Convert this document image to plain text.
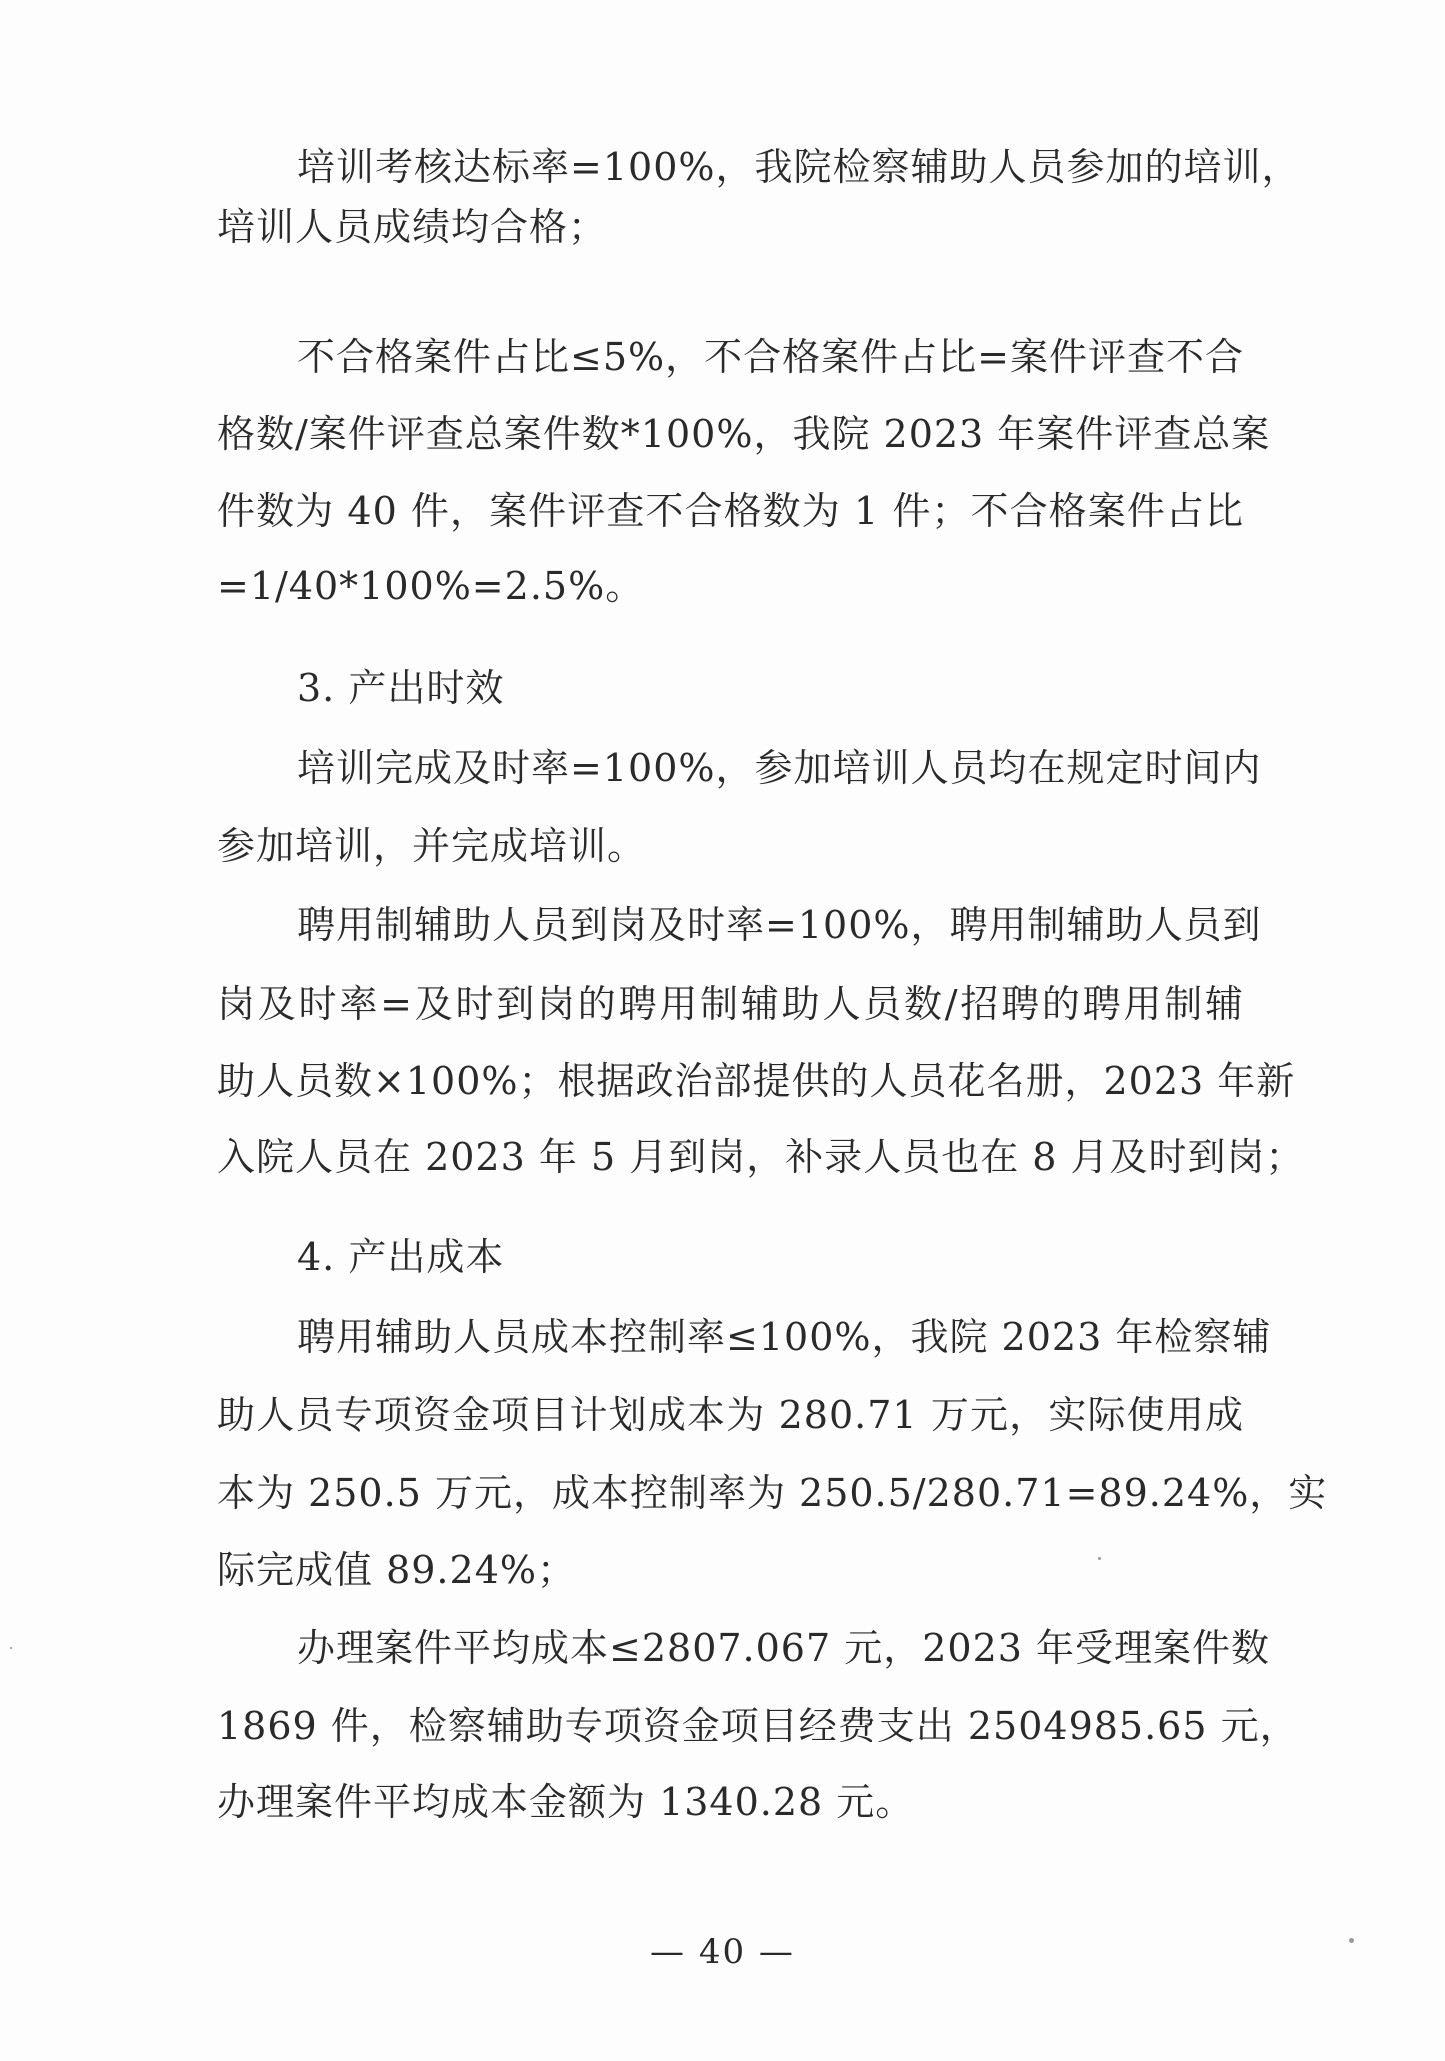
培训考核达标率=100%，我院检察辅助人员参加的培训，
培训人员成绩均合格；
不合格案件占比≤5%，不合格案件占比=案件评查不合
格数/案件评查总案件数*100%，我院 2023 年案件评查总案
件数为 40 件，案件评查不合格数为 1 件；不合格案件占比
=1/40*100%=2.5%。
3. 产出时效
培训完成及时率=100%，参加培训人员均在规定时间内
参加培训，并完成培训。
聘用制辅助人员到岗及时率=100%，聘用制辅助人员到
岗及时率=及时到岗的聘用制辅助人员数/招聘的聘用制辅
助人员数×100%；根据政治部提供的人员花名册，2023 年新
入院人员在 2023 年 5 月到岗，补录人员也在 8 月及时到岗；
4. 产出成本
聘用辅助人员成本控制率≤100%，我院 2023 年检察辅
助人员专项资金项目计划成本为 280.71 万元，实际使用成
本为 250.5 万元，成本控制率为 250.5/280.71=89.24%，实
际完成值 89.24%；
办理案件平均成本≤2807.067 元，2023 年受理案件数
1869 件，检察辅助专项资金项目经费支出 2504985.65 元，
办理案件平均成本金额为 1340.28 元。
— 40 —
